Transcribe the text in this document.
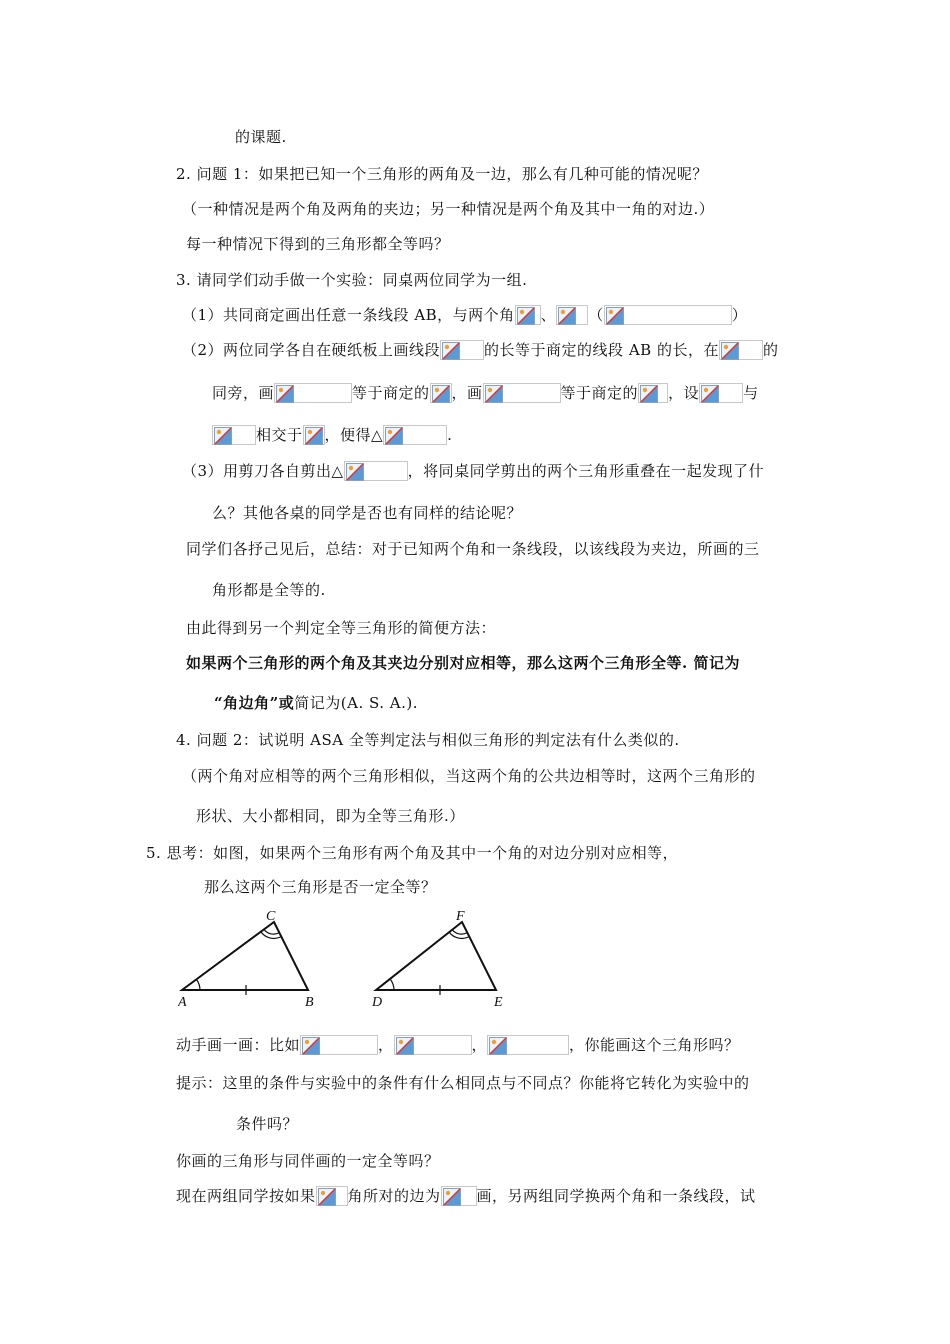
的课题.
2. 问题 1：如果把已知一个三角形的两角及一边，那么有几种可能的情况呢？
（一种情况是两个角及两角的夹边；另一种情况是两个角及其中一角的对边.）
每一种情况下得到的三角形都全等吗？
3. 请同学们动手做一个实验：同桌两位同学为一组.
（1）共同商定画出任意一条线段 AB，与两个角 、 （	）
（2）两位同学各自在硬纸板上画线段	的长等于商定的线段 AB 的长，在	的
同旁，画	等于商定的 ，画	等于商定的 ，设	与
相交于 ，便得△	.
（3）用剪刀各自剪出△	，将同桌同学剪出的两个三角形重叠在一起发现了什
么？其他各桌的同学是否也有同样的结论呢？
同学们各抒己见后，总结：对于已知两个角和一条线段，以该线段为夹边，所画的三
角形都是全等的.
由此得到另一个判定全等三角形的简便方法：
如果两个三角形的两个角及其夹边分别对应相等，那么这两个三角形全等. 简记为
“角边角”或简记为(A. S. A.).
4. 问题 2：试说明 ASA 全等判定法与相似三角形的判定法有什么类似的.
（两个角对应相等的两个三角形相似，当这两个角的公共边相等时，这两个三角形的
形状、大小都相同，即为全等三角形.）
5. 思考：如图，如果两个三角形有两个角及其中一个角的对边分别对应相等，
那么这两个三角形是否一定全等？
A	B
C
D	E
F
动手画一画：比如	，	，	，你能画这个三角形吗？
提示：这里的条件与实验中的条件有什么相同点与不同点？你能将它转化为实验中的
条件吗？
你画的三角形与同伴画的一定全等吗？
现在两组同学按如果 角所对的边为 画，另两组同学换两个角和一条线段，试
